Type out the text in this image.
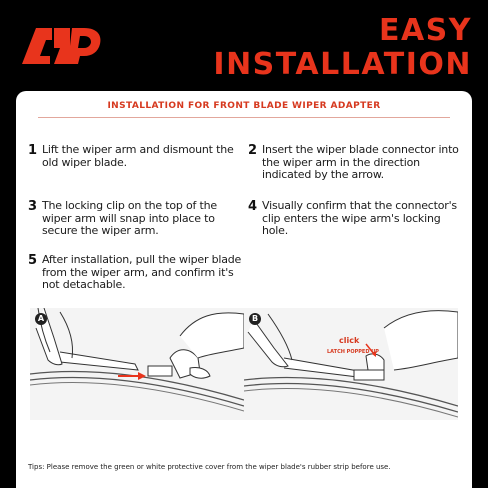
EASY
INSTALLATION
INSTALLATION FOR FRONT BLADE WIPER ADAPTER
1 Lift the wiper arm and dismount the old wiper blade.
2 Insert the wiper blade connector into the wiper arm in the direction indicated by the arrow.
3 The locking clip on the top of the wiper arm will snap into place to secure the wiper arm.
4 Visually confirm that the connector's clip enters the wipe arm's locking hole.
5 After installation, pull the wiper blade from the wiper arm, and confirm it's not detachable.
A	B
click
LATCH POPPED UP
Tips: Please remove the green or white protective cover from the wiper blade's rubber strip before use.
